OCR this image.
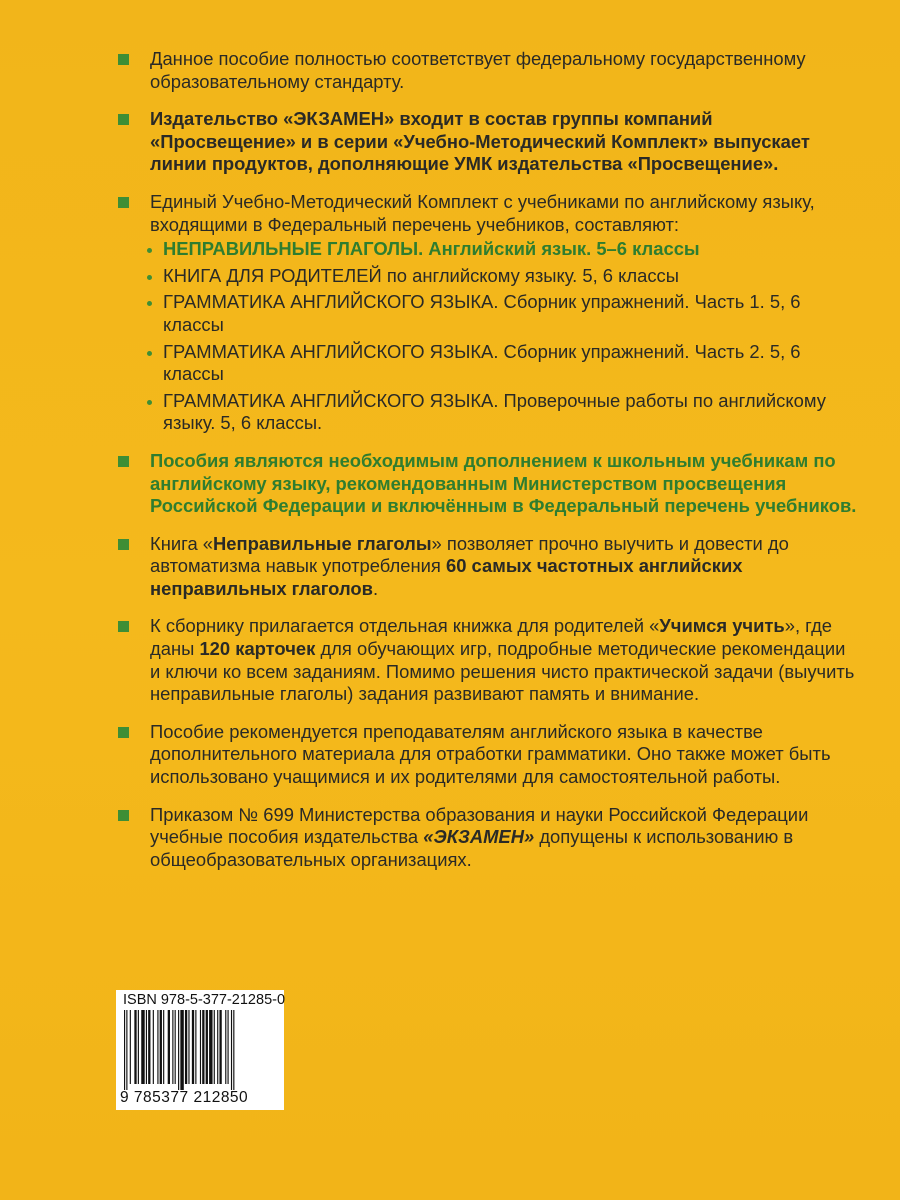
Данное пособие полностью соответствует федеральному государственному образовательному стандарту.
Издательство «ЭКЗАМЕН» входит в состав группы компаний «Просвещение» и в серии «Учебно-Методический Комплект» выпускает линии продуктов, дополняющие УМК издательства «Просвещение».
Единый Учебно-Методический Комплект с учебниками по английскому языку, входящими в Федеральный перечень учебников, составляют:
НЕПРАВИЛЬНЫЕ ГЛАГОЛЫ. Английский язык. 5–6 классы
КНИГА ДЛЯ РОДИТЕЛЕЙ по английскому языку. 5, 6 классы
ГРАММАТИКА АНГЛИЙСКОГО ЯЗЫКА. Сборник упражнений. Часть 1. 5, 6 классы
ГРАММАТИКА АНГЛИЙСКОГО ЯЗЫКА. Сборник упражнений. Часть 2. 5, 6 классы
ГРАММАТИКА АНГЛИЙСКОГО ЯЗЫКА. Проверочные работы по английскому языку. 5, 6 классы.
Пособия являются необходимым дополнением к школьным учебникам по английскому языку, рекомендованным Министерством просвещения Российской Федерации и включённым в Федеральный перечень учебников.
Книга «Неправильные глаголы» позволяет прочно выучить и довести до автоматизма навык употребления 60 самых частотных английских неправильных глаголов.
К сборнику прилагается отдельная книжка для родителей «Учимся учить», где даны 120 карточек для обучающих игр, подробные методические рекомендации и ключи ко всем заданиям. Помимо решения чисто практической задачи (выучить неправильные глаголы) задания развивают память и внимание.
Пособие рекомендуется преподавателям английского языка в качестве дополнительного материала для отработки грамматики. Оно также может быть использовано учащимися и их родителями для самостоятельной работы.
Приказом № 699 Министерства образования и науки Российской Федерации учебные пособия издательства «ЭКЗАМЕН» допущены к использованию в общеобразовательных организациях.
ISBN 978-5-377-21285-0
9 785377 212850
